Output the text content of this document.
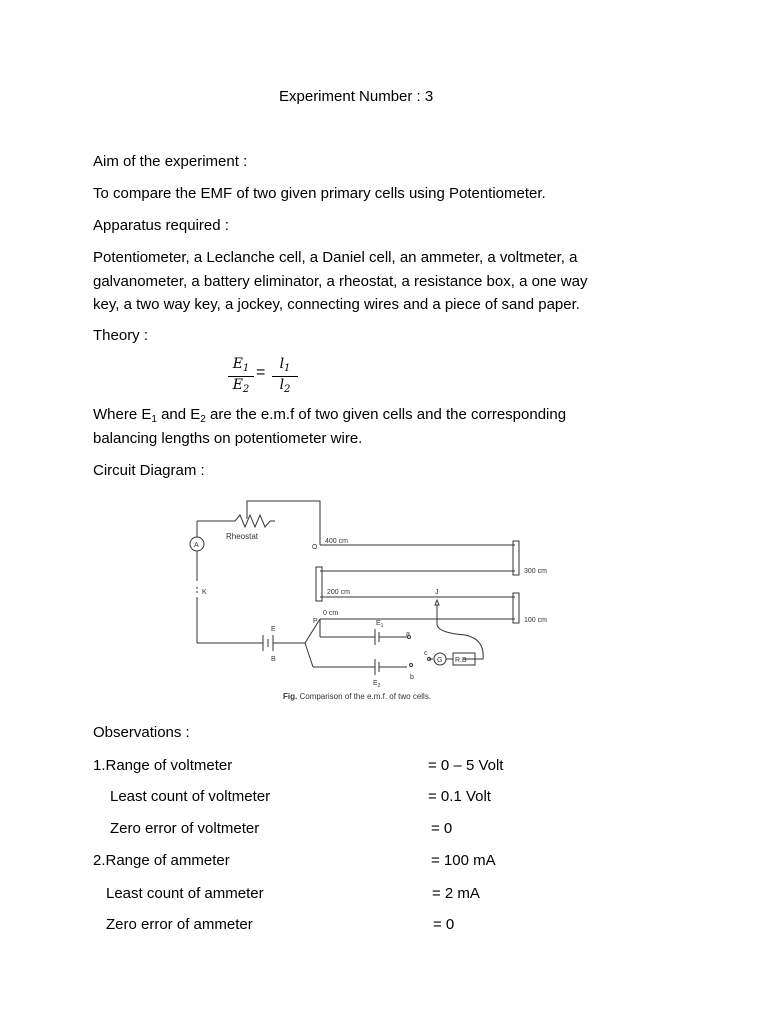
Experiment Number : 3
Aim of the experiment :
To compare the EMF of two given primary cells using Potentiometer.
Apparatus required :
Potentiometer, a Leclanche cell, a Daniel cell, an ammeter, a voltmeter, a
galvanometer, a battery eliminator, a rheostat, a resistance box, a one way
key, a two way key, a jockey, connecting wires and a piece of sand paper.
Theory :
$E_1$
$E_2$
=	$l_1$
$l_2$
Where $E_1$ and $E_2$ are the e.m.f of two given cells and the corresponding
balancing lengths on potentiometer wire.
Circuit Diagram :
Rheostat
A
K
E
B
O
400 cm
300 cm
200 cm
100 cm
0 cm
P
J
$E_1$
a
$E_2$
b
c
G R.B
Fig. Comparison of the e.m.f. of two cells.
Observations :
1.Range of voltmeter	= 0 – 5 Volt
Least count of voltmeter	= 0.1 Volt
Zero error of voltmeter	= 0
2.Range of ammeter	= 100 mA
Least count of ammeter	= 2 mA
Zero error of ammeter	= 0
